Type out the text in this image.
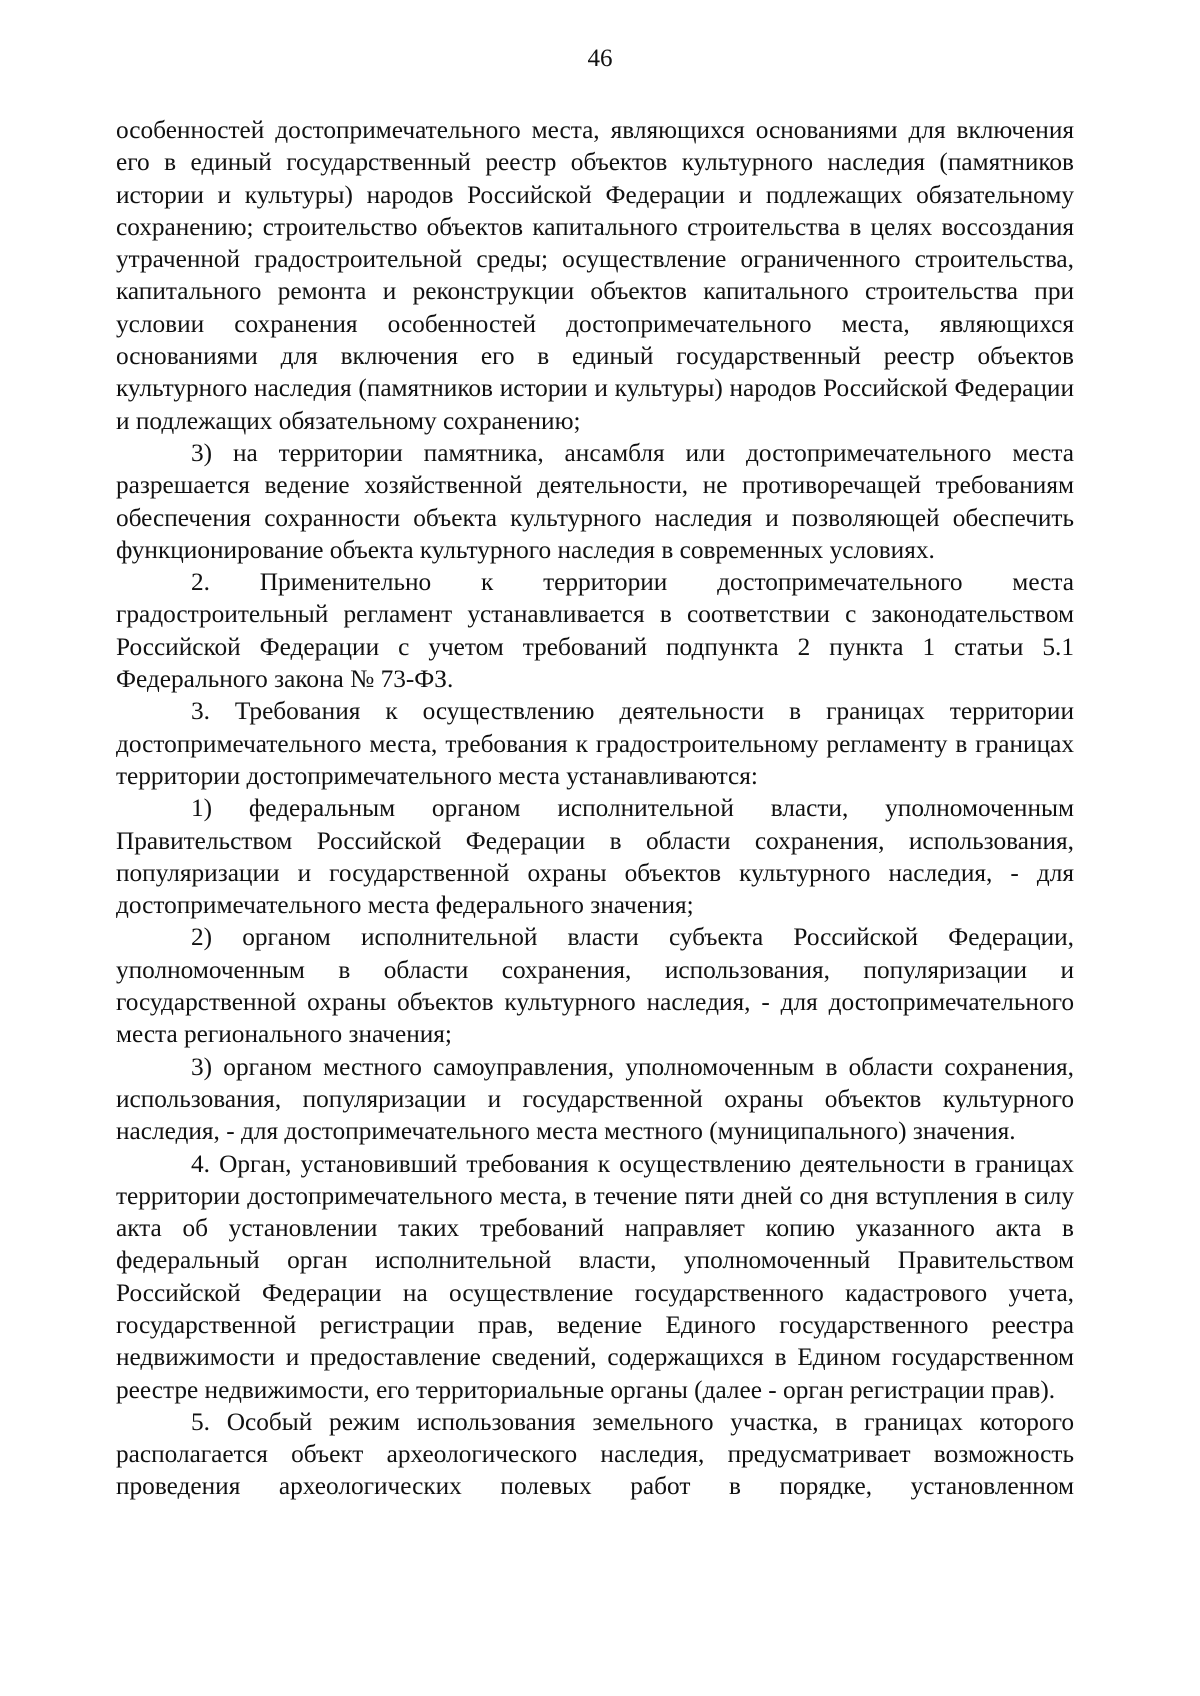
46

особенностей достопримечательного места, являющихся основаниями для включения его в единый государственный реестр объектов культурного наследия (памятников истории и культуры) народов Российской Федерации и подлежащих обязательному сохранению; строительство объектов капитального строительства в целях воссоздания утраченной градостроительной среды; осуществление ограниченного строительства, капитального ремонта и реконструкции объектов капитального строительства при условии сохранения особенностей достопримечательного места, являющихся основаниями для включения его в единый государственный реестр объектов культурного наследия (памятников истории и культуры) народов Российской Федерации и подлежащих обязательному сохранению;

3) на территории памятника, ансамбля или достопримечательного места разрешается ведение хозяйственной деятельности, не противоречащей требованиям обеспечения сохранности объекта культурного наследия и позволяющей обеспечить функционирование объекта культурного наследия в современных условиях.

2. Применительно к территории достопримечательного места градостроительный регламент устанавливается в соответствии с законодательством Российской Федерации с учетом требований подпункта 2 пункта 1 статьи 5.1 Федерального закона № 73-ФЗ.

3. Требования к осуществлению деятельности в границах территории достопримечательного места, требования к градостроительному регламенту в границах территории достопримечательного места устанавливаются:

1) федеральным органом исполнительной власти, уполномоченным Правительством Российской Федерации в области сохранения, использования, популяризации и государственной охраны объектов культурного наследия, - для достопримечательного места федерального значения;

2) органом исполнительной власти субъекта Российской Федерации, уполномоченным в области сохранения, использования, популяризации и государственной охраны объектов культурного наследия, - для достопримечательного места регионального значения;

3) органом местного самоуправления, уполномоченным в области сохранения, использования, популяризации и государственной охраны объектов культурного наследия, - для достопримечательного места местного (муниципального) значения.

4. Орган, установивший требования к осуществлению деятельности в границах территории достопримечательного места, в течение пяти дней со дня вступления в силу акта об установлении таких требований направляет копию указанного акта в федеральный орган исполнительной власти, уполномоченный Правительством Российской Федерации на осуществление государственного кадастрового учета, государственной регистрации прав, ведение Единого государственного реестра недвижимости и предоставление сведений, содержащихся в Едином государственном реестре недвижимости, его территориальные органы (далее - орган регистрации прав).

5. Особый режим использования земельного участка, в границах которого располагается объект археологического наследия, предусматривает возможность проведения археологических полевых работ в порядке, установленном
